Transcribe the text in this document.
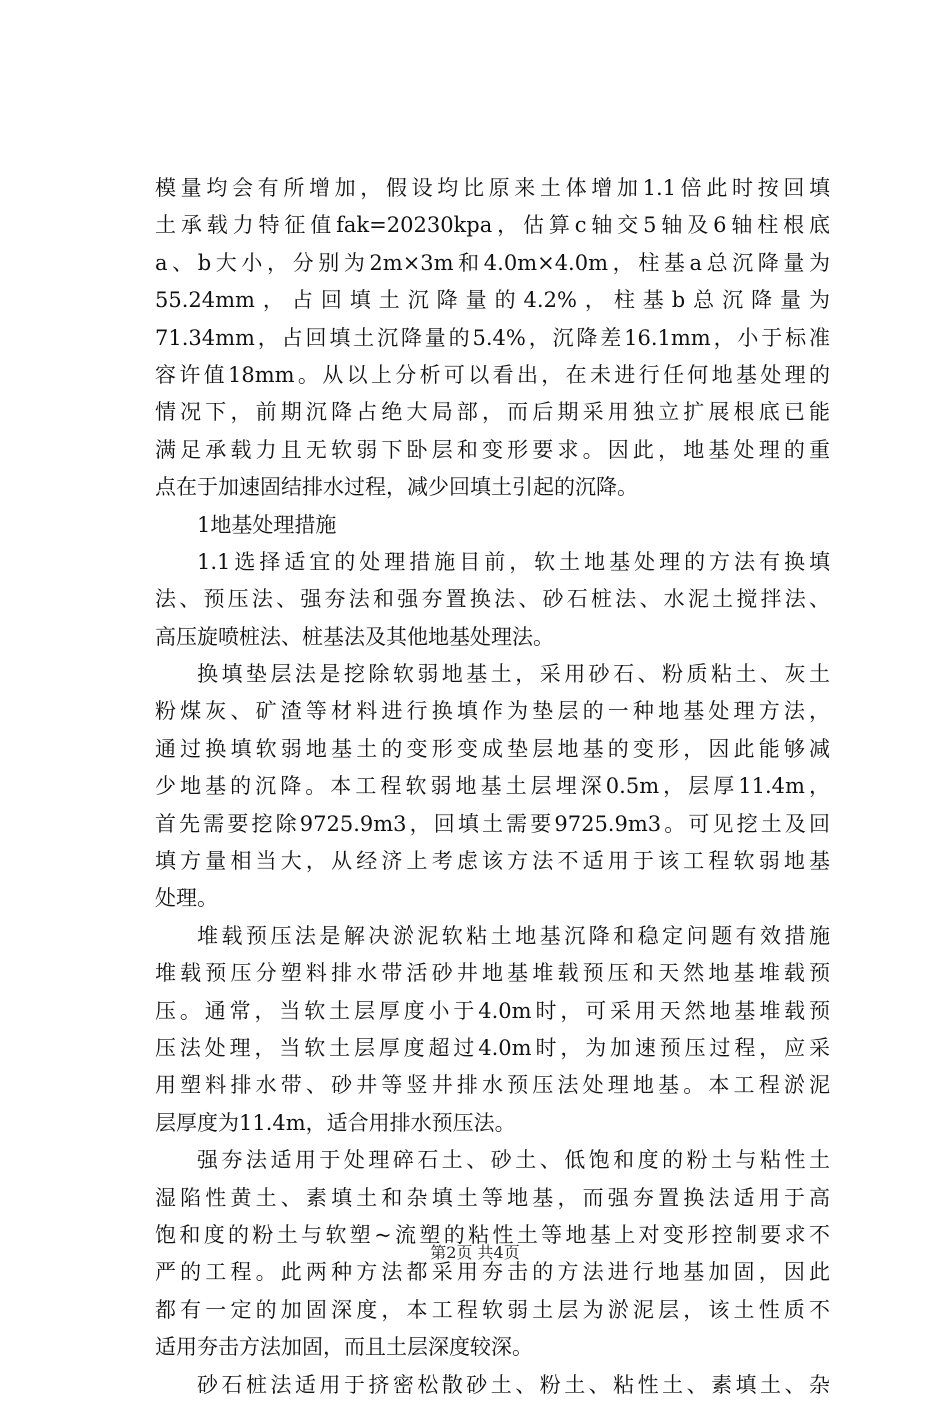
模量均会有所增加，假设均比原来土体增加1.1倍此时按回填
土承载力特征值fak=20230kpa，估算c轴交5轴及6轴柱根底
a、b大小，分别为2m×3m和4.0m×4.0m，柱基a总沉降量为
55.24mm，占回填土沉降量的4.2%，柱基b总沉降量为
71.34mm，占回填土沉降量的5.4%，沉降差16.1mm，小于标准
容许值18mm。从以上分析可以看出，在未进行任何地基处理的
情况下，前期沉降占绝大局部，而后期采用独立扩展根底已能
满足承载力且无软弱下卧层和变形要求。因此，地基处理的重
点在于加速固结排水过程，减少回填土引起的沉降。
1地基处理措施
1.1选择适宜的处理措施目前，软土地基处理的方法有换填
法、预压法、强夯法和强夯置换法、砂石桩法、水泥土搅拌法、
高压旋喷桩法、桩基法及其他地基处理法。
换填垫层法是挖除软弱地基土，采用砂石、粉质粘土、灰土
粉煤灰、矿渣等材料进行换填作为垫层的一种地基处理方法，
通过换填软弱地基土的变形变成垫层地基的变形，因此能够减
少地基的沉降。本工程软弱地基土层埋深0.5m，层厚11.4m，
首先需要挖除9725.9m3，回填土需要9725.9m3。可见挖土及回
填方量相当大，从经济上考虑该方法不适用于该工程软弱地基
处理。
堆载预压法是解决淤泥软粘土地基沉降和稳定问题有效措施
堆载预压分塑料排水带活砂井地基堆载预压和天然地基堆载预
压。通常，当软土层厚度小于4.0m时，可采用天然地基堆载预
压法处理，当软土层厚度超过4.0m时，为加速预压过程，应采
用塑料排水带、砂井等竖井排水预压法处理地基。本工程淤泥
层厚度为11.4m，适合用排水预压法。
强夯法适用于处理碎石土、砂土、低饱和度的粉土与粘性土
湿陷性黄土、素填土和杂填土等地基，而强夯置换法适用于高
饱和度的粉土与软塑~流塑的粘性土等地基上对变形控制要求不
严的工程。此两种方法都采用夯击的方法进行地基加固，因此
都有一定的加固深度，本工程软弱土层为淤泥层，该土性质不
适用夯击方法加固，而且土层深度较深。
砂石桩法适用于挤密松散砂土、粉土、粘性土、素填土、杂
第2页 共4页
